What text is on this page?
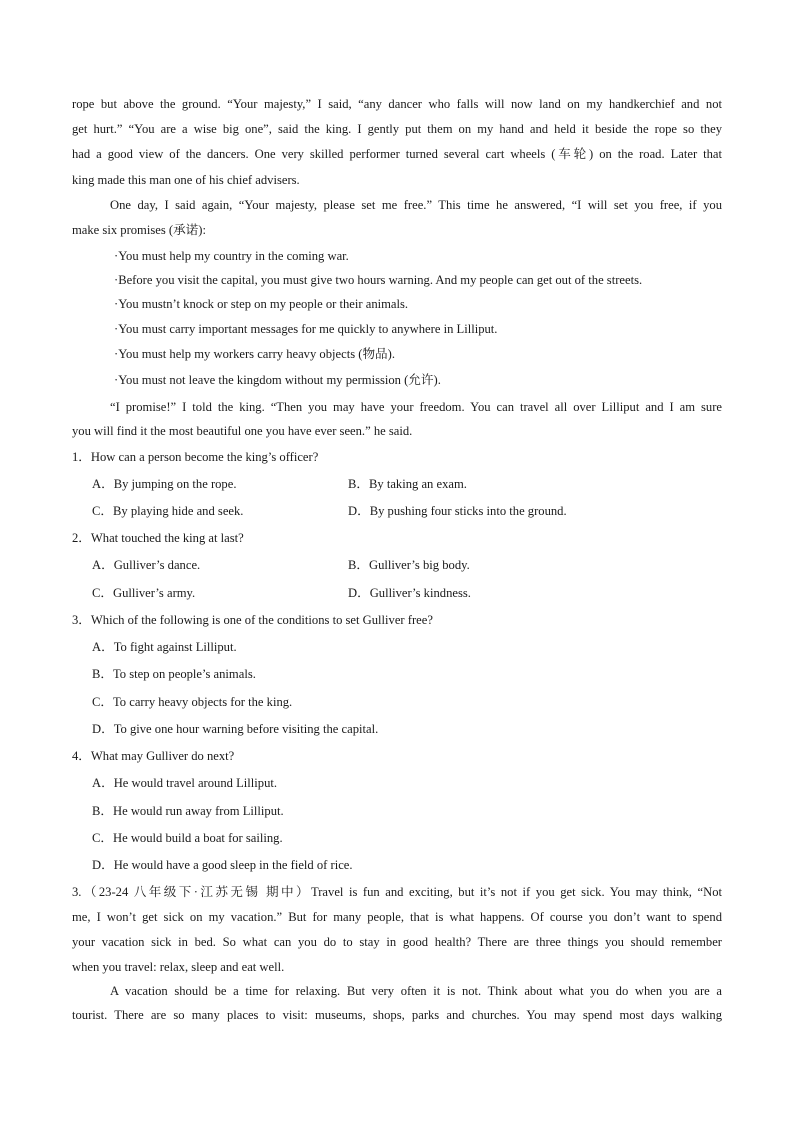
rope but above the ground. “Your majesty,” I said, “any dancer who falls will now land on my handkerchief and not
get hurt.” “You are a wise big one”, said the king. I gently put them on my hand and held it beside the rope so they
had a good view of the dancers. One very skilled performer turned several cart wheels (车轮) on the road. Later that
king made this man one of his chief advisers.
One day, I said again, “Your majesty, please set me free.” This time he answered, “I will set you free, if you
make six promises (承诺):
·You must help my country in the coming war.
·Before you visit the capital, you must give two hours warning. And my people can get out of the streets.
·You mustn’t knock or step on my people or their animals.
·You must carry important messages for me quickly to anywhere in Lilliput.
·You must help my workers carry heavy objects (物品).
·You must not leave the kingdom without my permission (允许).
“I promise!” I told the king. “Then you may have your freedom. You can travel all over Lilliput and I am sure
you will find it the most beautiful one you have ever seen.” he said.
1．How can a person become the king’s officer?
A．By jumping on the rope.	B．By taking an exam.
C．By playing hide and seek.	D．By pushing four sticks into the ground.
2．What touched the king at last?
A．Gulliver’s dance.	B．Gulliver’s big body.
C．Gulliver’s army.	D．Gulliver’s kindness.
3．Which of the following is one of the conditions to set Gulliver free?
A．To fight against Lilliput.
B．To step on people’s animals.
C．To carry heavy objects for the king.
D．To give one hour warning before visiting the capital.
4．What may Gulliver do next?
A．He would travel around Lilliput.
B．He would run away from Lilliput.
C．He would build a boat for sailing.
D．He would have a good sleep in the field of rice.
3.（23-24 八年级下·江苏无锡 期中）Travel is fun and exciting, but it’s not if you get sick. You may think, “Not
me, I won’t get sick on my vacation.” But for many people, that is what happens. Of course you don’t want to spend
your vacation sick in bed. So what can you do to stay in good health? There are three things you should remember
when you travel: relax, sleep and eat well.
A vacation should be a time for relaxing. But very often it is not. Think about what you do when you are a
tourist. There are so many places to visit: museums, shops, parks and churches. You may spend most days walking
